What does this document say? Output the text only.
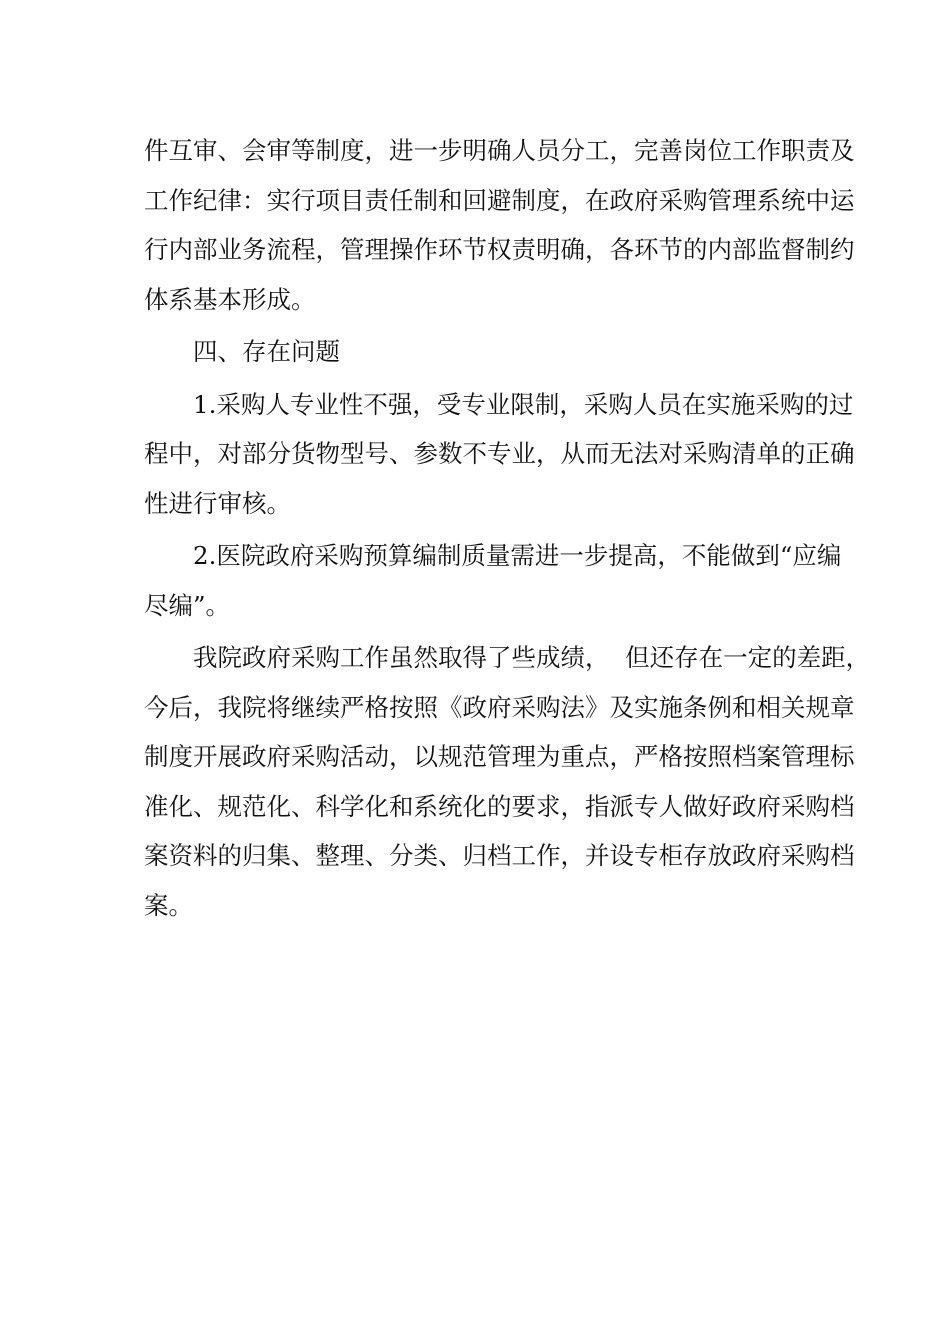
件互审、会审等制度，进一步明确人员分工，完善岗位工作职责及
工作纪律：实行项目责任制和回避制度，在政府采购管理系统中运
行内部业务流程，管理操作环节权责明确，各环节的内部监督制约
体系基本形成。

四、存在问题

1.采购人专业性不强，受专业限制，采购人员在实施采购的过
程中，对部分货物型号、参数不专业，从而无法对采购清单的正确
性进行审核。

2.医院政府采购预算编制质量需进一步提高，不能做到“应编
尽编”。

我院政府采购工作虽然取得了些成绩，  但还存在一定的差距，
今后，我院将继续严格按照《政府采购法》及实施条例和相关规章
制度开展政府采购活动，以规范管理为重点，严格按照档案管理标
准化、规范化、科学化和系统化的要求，指派专人做好政府采购档
案资料的归集、整理、分类、归档工作，并设专柜存放政府采购档
案。
